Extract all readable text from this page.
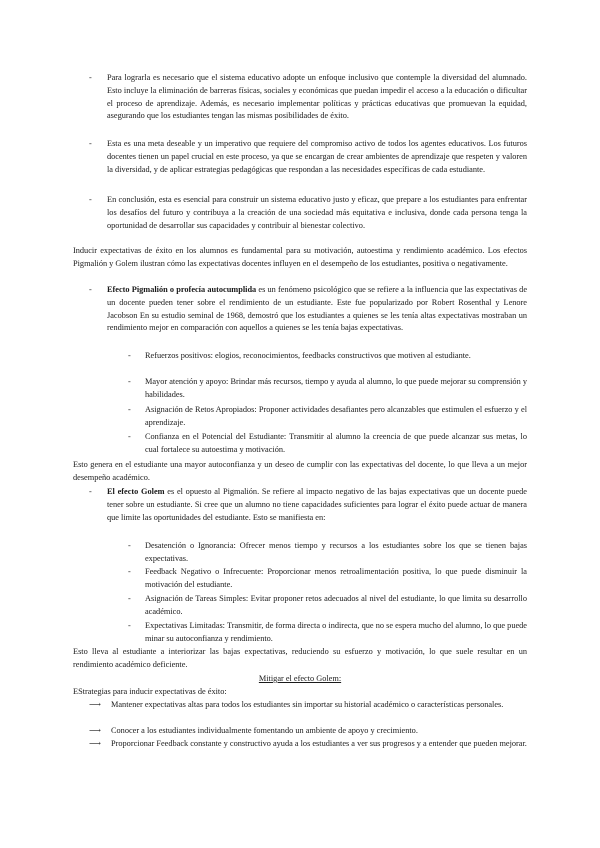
- Para lograrla es necesario que el sistema educativo adopte un enfoque inclusivo que contemple la diversidad del alumnado. Esto incluye la eliminación de barreras físicas, sociales y económicas que puedan impedir el acceso a la educación o dificultar el proceso de aprendizaje. Además, es necesario implementar políticas y prácticas educativas que promuevan la equidad, asegurando que los estudiantes tengan las mismas posibilidades de éxito.
- Esta es una meta deseable y un imperativo que requiere del compromiso activo de todos los agentes educativos. Los futuros docentes tienen un papel crucial en este proceso, ya que se encargan de crear ambientes de aprendizaje que respeten y valoren la diversidad, y de aplicar estrategias pedagógicas que respondan a las necesidades específicas de cada estudiante.
- En conclusión, esta es esencial para construir un sistema educativo justo y eficaz, que prepare a los estudiantes para enfrentar los desafíos del futuro y contribuya a la creación de una sociedad más equitativa e inclusiva, donde cada persona tenga la oportunidad de desarrollar sus capacidades y contribuir al bienestar colectivo.
Inducir expectativas de éxito en los alumnos es fundamental para su motivación, autoestima y rendimiento académico. Los efectos Pigmalión y Golem ilustran cómo las expectativas docentes influyen en el desempeño de los estudiantes, positiva o negativamente.
- Efecto Pigmalión o profecía autocumplida es un fenómeno psicológico que se refiere a la influencia que las expectativas de un docente pueden tener sobre el rendimiento de un estudiante. Este fue popularizado por Robert Rosenthal y Lenore Jacobson En su estudio seminal de 1968, demostró que los estudiantes a quienes se les tenía altas expectativas mostraban un rendimiento mejor en comparación con aquellos a quienes se les tenía bajas expectativas.
- Refuerzos positivos: elogios, reconocimientos, feedbacks constructivos que motiven al estudiante.
- Mayor atención y apoyo: Brindar más recursos, tiempo y ayuda al alumno, lo que puede mejorar su comprensión y habilidades.
- Asignación de Retos Apropiados: Proponer actividades desafiantes pero alcanzables que estimulen el esfuerzo y el aprendizaje.
- Confianza en el Potencial del Estudiante: Transmitir al alumno la creencia de que puede alcanzar sus metas, lo cual fortalece su autoestima y motivación.
Esto genera en el estudiante una mayor autoconfianza y un deseo de cumplir con las expectativas del docente, lo que lleva a un mejor desempeño académico.
- El efecto Golem es el opuesto al Pigmalión. Se refiere al impacto negativo de las bajas expectativas que un docente puede tener sobre un estudiante. Si cree que un alumno no tiene capacidades suficientes para lograr el éxito puede actuar de manera que limite las oportunidades del estudiante. Esto se manifiesta en:
- Desatención o Ignorancia: Ofrecer menos tiempo y recursos a los estudiantes sobre los que se tienen bajas expectativas.
- Feedback Negativo o Infrecuente: Proporcionar menos retroalimentación positiva, lo que puede disminuir la motivación del estudiante.
- Asignación de Tareas Simples: Evitar proponer retos adecuados al nivel del estudiante, lo que limita su desarrollo académico.
- Expectativas Limitadas: Transmitir, de forma directa o indirecta, que no se espera mucho del alumno, lo que puede minar su autoconfianza y rendimiento.
Esto lleva al estudiante a interiorizar las bajas expectativas, reduciendo su esfuerzo y motivación, lo que suele resultar en un rendimiento académico deficiente.
Mitigar el efecto Golem:
EStrategias para inducir expectativas de éxito:
⟶ Mantener expectativas altas para todos los estudiantes sin importar su historial académico o características personales.
⟶ Conocer a los estudiantes individualmente fomentando un ambiente de apoyo y crecimiento.
⟶ Proporcionar Feedback constante y constructivo ayuda a los estudiantes a ver sus progresos y a entender que pueden mejorar.
